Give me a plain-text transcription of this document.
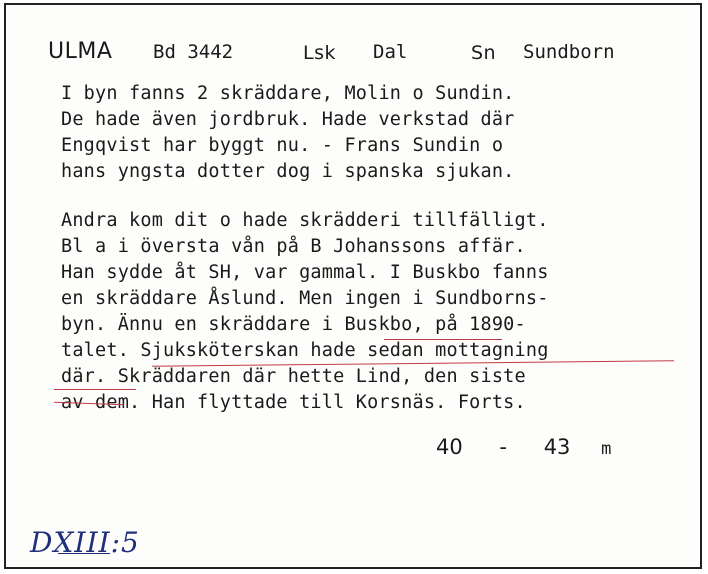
ULMA Bd 3442	Lsk Dal	Sn Sundborn
I byn fanns 2 skräddare, Molin o Sundin.
De hade även jordbruk. Hade verkstad där
Engqvist har byggt nu. - Frans Sundin o
hans yngsta dotter dog i spanska sjukan.
Andra kom dit o hade skrädderi tillfälligt.
Bl a i översta vån på B Johanssons affär.
Han sydde åt SH, var gammal. I Buskbo fanns
en skräddare Åslund. Men ingen i Sundborns-
byn. Ännu en skräddare i Buskbo, på 1890-
talet. Sjuksköterskan hade sedan mottagning
där. Skräddaren där hette Lind, den siste
av dem. Han flyttade till Korsnäs. Forts.
40 - 43 m
DXIII:5
